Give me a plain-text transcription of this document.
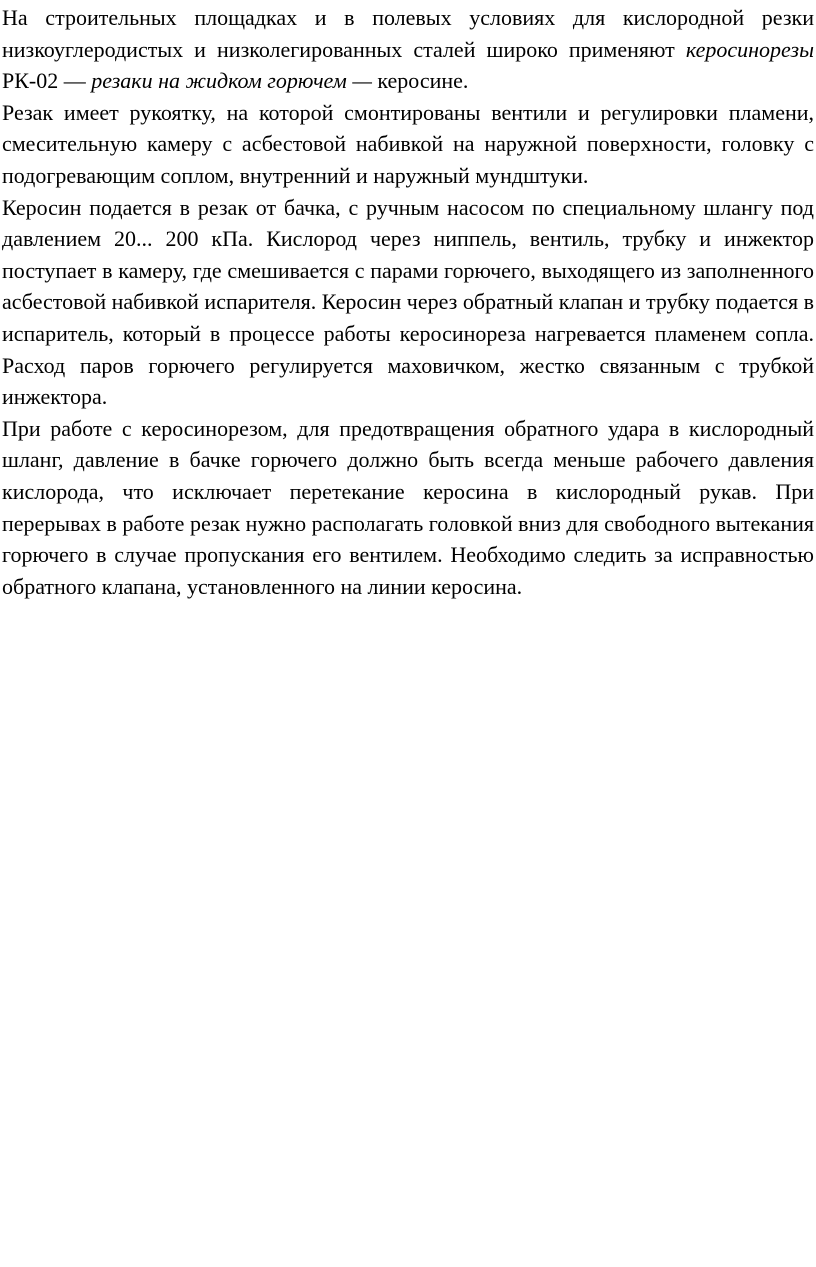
На строительных площадках и в полевых условиях для кислородной резки низкоуглеродистых и низколегированных сталей широко применяют керосинорезы РК-02 — резаки на жидком горючем — керосине.

Резак имеет рукоятку, на которой смонтированы вентили и регулировки пламени, смесительную камеру с асбестовой набивкой на наружной поверхности, головку с подогревающим соплом, внутренний и наружный мундштуки.

Керосин подается в резак от бачка, с ручным насосом по специальному шлангу под давлением 20... 200 кПа. Кислород через ниппель, вентиль, трубку и инжектор поступает в камеру, где смешивается с парами горючего, выходящего из заполненного асбестовой набивкой испарителя. Керосин через обратный клапан и трубку подается в испаритель, который в процессе работы керосинореза нагревается пламенем сопла. Расход паров горючего регулируется маховичком, жестко связанным с трубкой инжектора.

При работе с керосинорезом, для предотвращения обратного удара в кислородный шланг, давление в бачке горючего должно быть всегда меньше рабочего давления кислорода, что исключает перетекание керосина в кислородный рукав. При перерывах в работе резак нужно располагать головкой вниз для свободного вытекания горючего в случае пропускания его вентилем. Необходимо следить за исправностью обратного клапана, установленного на линии керосина.
